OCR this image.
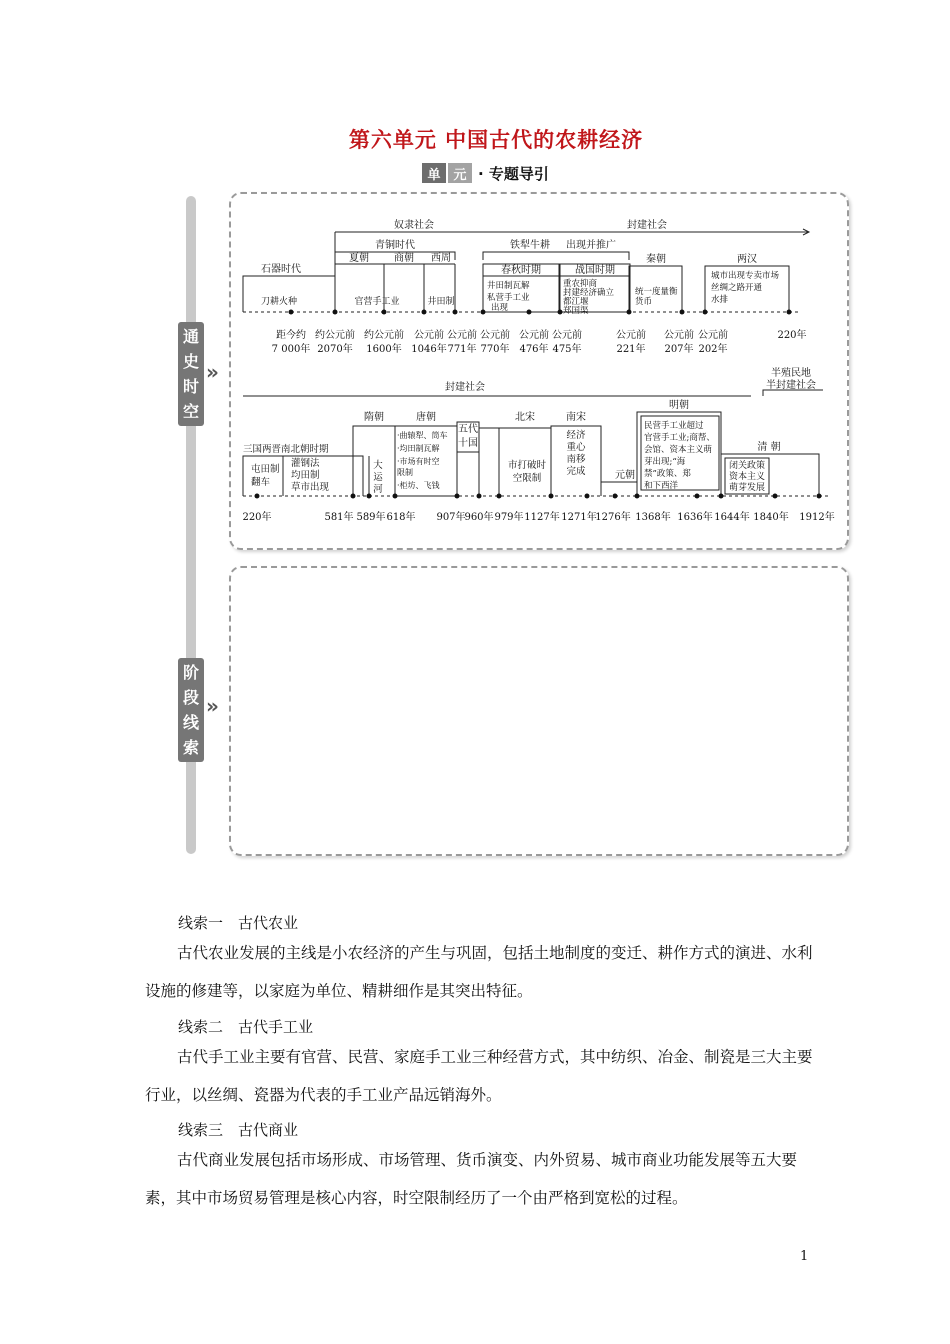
第六单元 中国古代的农耕经济
单 元 · 专题导引
通
史
时
空
»
阶
段
线
索
»
奴隶社会	封建社会
石器时代
青铜时代
夏朝	商朝 西周
铁犁牛耕 出现并推广
春秋时期	战国时期
秦朝	两汉
刀耕火种	官营手工业	井田制
井田制瓦解
私营手工业
出现
重农抑商
封建经济确立
都江堰
郑国渠
统一度量衡
货币
城市出现专卖市场
丝绸之路开通
水排
距今约
7 000年
约公元前
2070年
约公元前
1600年
公元前
1046年
公元前
771年
公元前
770年
公元前
476年
公元前
475年
公元前
221年
公元前
207年
公元前
202年
220年
封建社会
半殖民地
半封建社会
三国两晋南北朝时期
隋朝	唐朝
五代
十国
北宋	南宋
元朝
明朝
清 朝
屯田制
翻车
灌钢法
均田制
草市出现
大
运
河
·曲辕犁、筒车
·均田制瓦解
·市场有时空
限制
·柜坊、飞钱
市打破时
空限制
经济
重心
南移
完成
民营手工业超过
官营手工业;商帮、
会馆、资本主义萌
芽出现;“海
禁”政策、郑
和下西洋
闭关政策
资本主义
萌芽发展
220年	581年 589年 618年 907年
960年 979年 1127年 1271年
1276年 1368年 1636年 1644年 1840年 1912年
线索一　古代农业

古代农业发展的主线是小农经济的产生与巩固，包括土地制度的变迁、耕作方式的演进、水利设施的修建等，以家庭为单位、精耕细作是其突出特征。

线索二　古代手工业

古代手工业主要有官营、民营、家庭手工业三种经营方式，其中纺织、冶金、制瓷是三大主要行业，以丝绸、瓷器为代表的手工业产品远销海外。

线索三　古代商业

古代商业发展包括市场形成、市场管理、货币演变、内外贸易、城市商业功能发展等五大要素，其中市场贸易管理是核心内容，时空限制经历了一个由严格到宽松的过程。

1
